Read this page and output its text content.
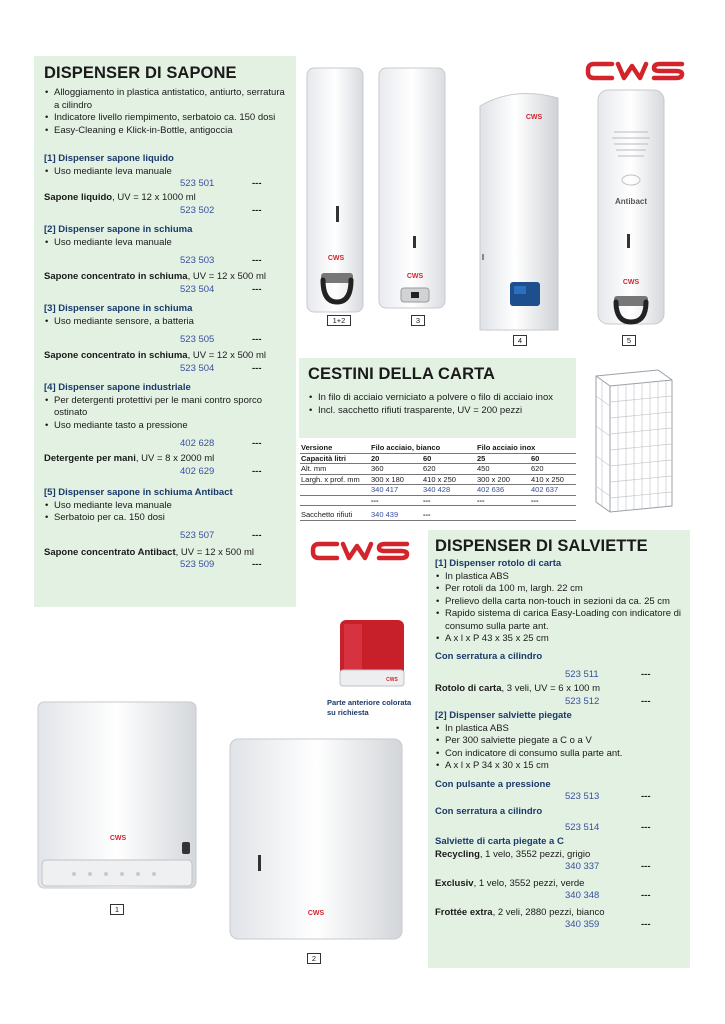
DISPENSER DI SAPONE
• Alloggiamento in plastica antistatico, antiurto, serratura a cilindro
• Indicatore livello riempimento, serbatoio ca. 150 dosi
• Easy-Cleaning e Klick-in-Bottle, antigoccia
[1] Dispenser sapone liquido
• Uso mediante leva manuale
523 501	---
Sapone liquido, UV = 12 x 1000 ml
523 502	---
[2] Dispenser sapone in schiuma
• Uso mediante leva manuale
523 503	---
Sapone concentrato in schiuma, UV = 12 x 500 ml
523 504	---
[3] Dispenser sapone in schiuma
• Uso mediante sensore, a batteria
523 505	---
Sapone concentrato in schiuma, UV = 12 x 500 ml
523 504	---
[4] Dispenser sapone industriale
• Per detergenti protettivi per le mani contro sporco ostinato
• Uso mediante tasto a pressione
402 628	---
Detergente per mani, UV = 8 x 2000 ml
402 629	---
[5] Dispenser sapone in schiuma Antibact
• Uso mediante leva manuale
• Serbatoio per ca. 150 dosi
523 507	---
Sapone concentrato Antibact, UV = 12 x 500 ml
523 509	---
CWS
CWS
CWS
Antibact
CWS
1+2	3
4	5
CESTINI DELLA CARTA
• In filo di acciaio verniciato a polvere o filo di acciaio inox
• Incl. sacchetto rifiuti trasparente, UV = 200 pezzi
Versione	Filo acciaio, bianco		Filo acciaio inox	
Capacità litri	20	60	25	60
Alt. mm	360	620	450	620
Largh. x prof. mm	300 x 180	410 x 250	300 x 200	410 x 250
	340 417	340 428	402 636	402 637
	---	---	---	---
Sacchetto rifiuti	340 439	---		
CWS
Parte anteriore colorata su richiesta
DISPENSER DI SALVIETTE
[1] Dispenser rotolo di carta
• In plastica ABS
• Per rotoli da 100 m, largh. 22 cm
• Prelievo della carta non-touch in sezioni da ca. 25 cm
• Rapido sistema di carica Easy-Loading con indicatore di consumo sulla parte ant.
• A x l x P 43 x 35 x 25 cm
Con serratura a cilindro
523 511	---
Rotolo di carta, 3 veli, UV = 6 x 100 m
523 512	---
[2] Dispenser salviette piegate
• In plastica ABS
• Per 300 salviette piegate a C o a V
• Con indicatore di consumo sulla parte ant.
• A x l x P 34 x 30 x 15 cm
Con pulsante a pressione
523 513	---
Con serratura a cilindro
523 514	---
Salviette di carta piegate a C
Recycling, 1 velo, 3552 pezzi, grigio
340 337	---
Exclusiv, 1 velo, 3552 pezzi, verde
340 348	---
Frottée extra, 2 veli, 2880 pezzi, bianco
340 359	---
CWS
1	CWS
2
